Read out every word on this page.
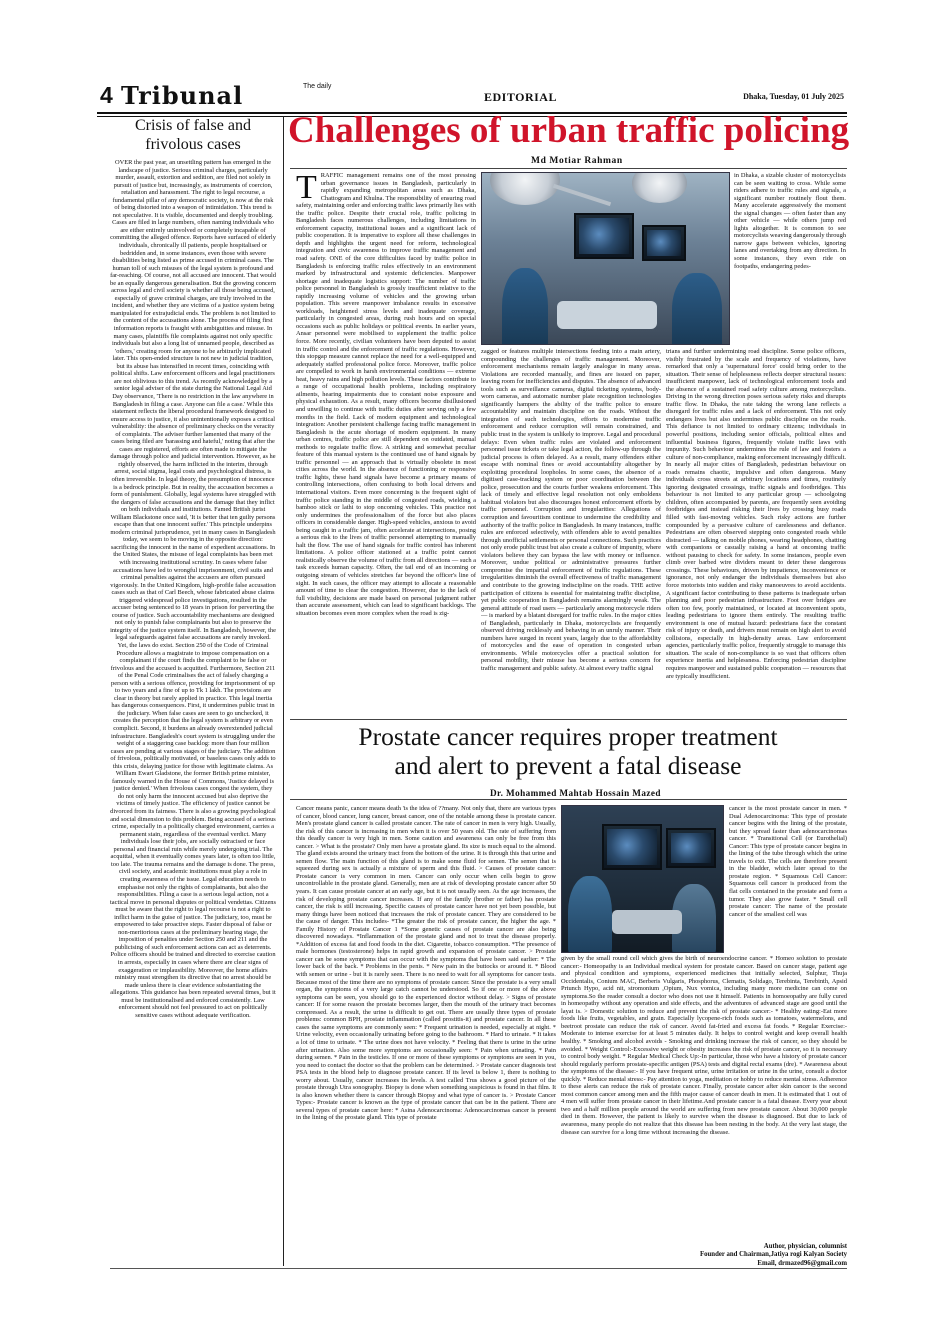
4 Tribunal	The daily
EDITORIAL	Dhaka, Tuesday, 01 July 2025
Crisis of false and frivolous cases
OVER the past year, an unsettling pattern has emerged in the landscape of justice. Serious criminal charges, particularly murder, assault, extortion and sedition, are filed not solely in pursuit of justice but, increasingly, as instruments of coercion, retaliation and harassment. The right to legal recourse, a fundamental pillar of any democratic society, is now at the risk of being distorted into a weapon of intimidation. This trend is not speculative. It is visible, documented and deeply troubling. Cases are filed in large numbers, often naming individuals who are either entirely uninvolved or completely incapable of committing the alleged offence. Reports have surfaced of elderly individuals, chronically ill patients, people hospitalised or bedridden and, in some instances, even those with severe disabilities being listed as prime accused in criminal cases. The human toll of such misuses of the legal system is profound and far-reaching. Of course, not all accused are innocent. That would be an equally dangerous generalisation. But the growing concern across legal and civil society is whether all those being accused, especially of grave criminal charges, are truly involved in the incident, and whether they are victims of a justice system being manipulated for extrajudicial ends. The problem is not limited to the content of the accusations alone. The process of filing first information reports is fraught with ambiguities and misuse. In many cases, plaintiffs file complaints against not only specific individuals but also a long list of unnamed people, described as 'others,' creating room for anyone to be arbitrarily implicated later. This open-ended structure is not new in judicial tradition, but its abuse has intensified in recent times, coinciding with political shifts. Law enforcement officers and legal practitioners are not oblivious to this trend. As recently acknowledged by a senior legal adviser of the state during the National Legal Aid Day observance, 'There is no restriction in the law anywhere in Bangladesh in filing a case. Anyone can file a case.' While this statement reflects the liberal procedural framework designed to ensure access to justice, it also unintentionally exposes a critical vulnerability: the absence of preliminary checks on the veracity of complaints. The adviser further lamented that many of the cases being filed are 'harassing and hateful,' noting that after the cases are registered, efforts are often made to mitigate the damage through police and judicial intervention. However, as he rightly observed, the harm inflicted in the interim, through arrest, social stigma, legal costs and psychological distress, is often irreversible. In legal theory, the presumption of innocence is a bedrock principle. But in reality, the accusation becomes a form of punishment. Globally, legal systems have struggled with the dangers of false accusations and the damage that they inflict on both individuals and institutions. Famed British jurist William Blackstone once said, 'It is better that ten guilty persons escape than that one innocent suffer.' This principle underpins modern criminal jurisprudence, yet in many cases in Bangladesh today, we seem to be moving in the opposite direction: sacrificing the innocent in the name of expedient accusations. In the United States, the misuse of legal complaints has been met with increasing institutional scrutiny. In cases where false accusations have led to wrongful imprisonment, civil suits and criminal penalties against the accusers are often pursued vigorously. In the United Kingdom, high-profile false accusation cases such as that of Carl Beech, whose fabricated abuse claims triggered widespread police investigations, resulted in the accuser being sentenced to 18 years in prison for perverting the course of justice. Such accountability mechanisms are designed not only to punish false complainants but also to preserve the integrity of the justice system itself. In Bangladesh, however, the legal safeguards against false accusations are rarely invoked. Yet, the laws do exist. Section 250 of the Code of Criminal Procedure allows a magistrate to impose compensation on a complainant if the court finds the complaint to be false or frivolous and the accused is acquitted. Furthermore, Section 211 of the Penal Code criminalises the act of falsely charging a person with a serious offence, providing for imprisonment of up to two years and a fine of up to Tk 1 lakh. The provisions are clear in theory but rarely applied in practice. This legal inertia has dangerous consequences. First, it undermines public trust in the judiciary. When false cases are seen to go unchecked, it creates the perception that the legal system is arbitrary or even complicit. Second, it burdens an already overextended judicial infrastructure. Bangladesh's court system is struggling under the weight of a staggering case backlog: more than four million cases are pending at various stages of the judiciary. The addition of frivolous, politically motivated, or baseless cases only adds to this crisis, delaying justice for those with legitimate claims. As William Ewart Gladstone, the former British prime minister, famously warned in the House of Commons, 'Justice delayed is justice denied.' When frivolous cases congest the system, they do not only harm the innocent accused but also deprive the victims of timely justice. The efficiency of justice cannot be divorced from its fairness. There is also a growing psychological and social dimension to this problem. Being accused of a serious crime, especially in a politically charged environment, carries a permanent stain, regardless of the eventual verdict. Many individuals lose their jobs, are socially ostracised or face personal and financial ruin while merely undergoing trial. The acquittal, when it eventually comes years later, is often too little, too late. The trauma remains and the damage is done. The press, civil society, and academic institutions must play a role in creating awareness of the issue. Legal education needs to emphasise not only the rights of complainants, but also the responsibilities. Filing a case is a serious legal action, not a tactical move in personal disputes or political vendettas. Citizens must be aware that the right to legal recourse is not a right to inflict harm in the guise of justice. The judiciary, too, must be empowered to take proactive steps. Faster disposal of false or non-meritorious cases at the preliminary hearing stage, the imposition of penalties under Section 250 and 211 and the publicising of such enforcement actions can act as deterrents. Police officers should be trained and directed to exercise caution in arrests, especially in cases where there are clear signs of exaggeration or implausibility. Moreover, the home affairs ministry must strengthen its directive that no arrest should be made unless there is clear evidence substantiating the allegations. This guidance has been repeated several times, but it must be institutionalised and enforced consistently. Law enforcement should not feel pressured to act on politically sensitive cases without adequate verification.
Challenges of urban traffic policing
Md Motiar Rahman
T RAFFIC management remains one of the most pressing urban governance issues in Bangladesh, particularly in rapidly expanding metropolitan areas such as Dhaka, Chattogram and Khulna. The responsibility of ensuring road safety, maintaining order and enforcing traffic laws primarily lies with the traffic police. Despite their crucial role, traffic policing in Bangladesh faces numerous challenges, including limitations in enforcement capacity, institutional issues and a significant lack of public cooperation. It is imperative to explore all these challenges in depth and highlights the urgent need for reform, technological integration and civic awareness to improve traffic management and road safety. ONE of the core difficulties faced by traffic police in Bangladesh is enforcing traffic rules effectively in an environment marked by infrastructural and systemic deficiencies. Manpower shortage and inadequate logistics support: The number of traffic police personnel in Bangladesh is grossly insufficient relative to the rapidly increasing volume of vehicles and the growing urban population. This severe manpower imbalance results in excessive workloads, heightened stress levels and inadequate coverage, particularly in congested areas, during rush hours and on special occasions such as public holidays or political events. In earlier years, Ansar personnel were mobilised to supplement the traffic police force. More recently, civilian volunteers have been deputed to assist in traffic control and the enforcement of traffic regulations. However, this stopgap measure cannot replace the need for a well-equipped and adequately staffed professional police force. Moreover, traffic police are compelled to work in harsh environmental conditions — extreme heat, heavy rains and high pollution levels. These factors contribute to a range of occupational health problems, including respiratory ailments, hearing impairments due to constant noise exposure and physical exhaustion. As a result, many officers become disillusioned and unwilling to continue with traffic duties after serving only a few months in the field. Lack of modern equipment and technological integration: Another persistent challenge facing traffic management in Bangladesh is the acute shortage of modern equipment. In many urban centres, traffic police are still dependent on outdated, manual methods to regulate traffic flow. A striking and somewhat peculiar feature of this manual system is the continued use of hand signals by traffic personnel — an approach that is virtually obsolete in most cities across the world. In the absence of functioning or responsive traffic lights, these hand signals have become a primary means of controlling intersections, often confusing to both local drivers and international visitors. Even more concerning is the frequent sight of traffic police standing in the middle of congested roads, wielding a bamboo stick or lathi to stop oncoming vehicles. This practice not only undermines the professionalism of the force but also places officers in considerable danger. High-speed vehicles, anxious to avoid being caught in a traffic jam, often accelerate at intersections, posing a serious risk to the lives of traffic personnel attempting to manually halt the flow. The use of hand signals for traffic control has inherent limitations. A police officer stationed at a traffic point cannot realistically observe the volume of traffic from all directions — such a task exceeds human capacity. Often, the tail end of an incoming or outgoing stream of vehicles stretches far beyond the officer's line of sight. In such cases, the officer may attempt to allocate a reasonable amount of time to clear the congestion. However, due to the lack of full visibility, decisions are made based on personal judgment rather than accurate assessment, which can lead to significant backlogs. The situation becomes even more complex when the road is zig-
zagged or features multiple intersections feeding into a main artery, compounding the challenges of traffic management. Moreover, enforcement mechanisms remain largely analogue in many areas. Violations are recorded manually, and fines are issued on paper, leaving room for inefficiencies and disputes. The absence of advanced tools such as surveillance cameras, digital ticketing systems, body-worn cameras, and automatic number plate recognition technologies significantly hampers the ability of the traffic police to ensure accountability and maintain discipline on the roads. Without the integration of such technologies, efforts to modernise traffic enforcement and reduce corruption will remain constrained, and public trust in the system is unlikely to improve. Legal and procedural delays: Even when traffic rules are violated and enforcement personnel issue tickets or take legal action, the follow-up through the judicial process is often delayed. As a result, many offenders either escape with nominal fines or avoid accountability altogether by exploiting procedural loopholes. In some cases, the absence of a digitised case-tracking system or poor coordination between the police, prosecution and the courts further weakens enforcement. This lack of timely and effective legal resolution not only emboldens habitual violators but also discourages honest enforcement efforts by traffic personnel. Corruption and irregularities: Allegations of corruption and favouritism continue to undermine the credibility and authority of the traffic police in Bangladesh. In many instances, traffic rules are enforced selectively, with offenders able to avoid penalties through unofficial settlements or personal connections. Such practices not only erode public trust but also create a culture of impunity, where violators believe they can bypass the law with money or influence. Moreover, undue political or administrative pressures further compromise the impartial enforcement of traffic regulations. These irregularities diminish the overall effectiveness of traffic management and contribute to the growing indiscipline on the roads. THE active participation of citizens is essential for maintaining traffic discipline, yet public cooperation in Bangladesh remains alarmingly weak. The general attitude of road users — particularly among motorcycle riders — is marked by a blatant disregard for traffic rules. In the major cities of Bangladesh, particularly in Dhaka, motorcyclists are frequently observed driving recklessly and behaving in an unruly manner. Their numbers have surged in recent years, largely due to the affordability of motorcycles and the ease of operation in congested urban environments. While motorcycles offer a practical solution for personal mobility, their misuse has become a serious concern for traffic management and public safety. At almost every traffic signal
in Dhaka, a sizable cluster of motorcyclists can be seen waiting to cross. While some riders adhere to traffic rules and signals, a significant number routinely flout them. Many accelerate aggressively the moment the signal changes — often faster than any other vehicle — while others jump red lights altogether. It is common to see motorcyclists weaving dangerously through narrow gaps between vehicles, ignoring lanes and overtaking from any direction. In some instances, they even ride on footpaths, endangering pedes-
trians and further undermining road discipline. Some police officers, visibly frustrated by the scale and frequency of violations, have remarked that only a 'supernatural force' could bring order to the situation. Their sense of helplessness reflects deeper structural issues: insufficient manpower, lack of technological enforcement tools and the absence of a sustained road safety culture among motorcyclists. Driving in the wrong direction poses serious safety risks and disrupts traffic flow. In Dhaka, the rate taking the wrong lane reflects a disregard for traffic rules and a lack of enforcement. This not only endangers lives but also undermines public discipline on the roads. This defiance is not limited to ordinary citizens; individuals in powerful positions, including senior officials, political elites and influential business figures, frequently violate traffic laws with impunity. Such behaviour undermines the rule of law and fosters a culture of non-compliance, making enforcement increasingly difficult. In nearly all major cities of Bangladesh, pedestrian behaviour on roads remains chaotic, impulsive and often dangerous. Many individuals cross streets at arbitrary locations and times, routinely ignoring designated crossings, traffic signals and footbridges. This behaviour is not limited to any particular group — schoolgoing children, often accompanied by parents, are frequently seen avoiding footbridges and instead risking their lives by crossing busy roads filled with fast-moving vehicles. Such risky actions are further compounded by a pervasive culture of carelessness and defiance. Pedestrians are often observed stepping onto congested roads while distracted — talking on mobile phones, wearing headphones, chatting with companions or casually raising a hand at oncoming traffic without pausing to check for safety. In some instances, people even climb over barbed wire dividers meant to deter these dangerous crossings. These behaviours, driven by impatience, inconvenience or ignorance, not only endanger the individuals themselves but also force motorists into sudden and risky manoeuvres to avoid accidents. A significant factor contributing to these patterns is inadequate urban planning and poor pedestrian infrastructure. Foot over bridges are often too few, poorly maintained, or located at inconvenient spots, leading pedestrians to ignore them entirely. The resulting traffic environment is one of mutual hazard: pedestrians face the constant risk of injury or death, and drivers must remain on high alert to avoid collisions, especially in high-density areas. Law enforcement agencies, particularly traffic police, frequently struggle to manage this situation. The scale of non-compliance is so vast that officers often experience inertia and helplessness. Enforcing pedestrian discipline requires manpower and sustained public cooperation — resources that are typically insufficient.
Prostate cancer requires proper treatment
and alert to prevent a fatal disease
Dr. Mohammed Mahtab Hossain Mazed
Cancer means panic, cancer means death 'is the idea of ??many. Not only that, there are various types of cancer, blood cancer, lung cancer, breast cancer, one of the notable among these is prostate cancer. Men's prostate gland cancer is called prostate cancer. The rate of cancer in men is very high. Usually, the risk of this cancer is increasing in men when it is over 50 years old. The rate of suffering from this deadly cancer is very high in men. Some caution and awareness can only be free from this cancer. > What is the prostate? Only men have a prostate gland. Its size is much equal to the almond. The gland exists around the urinary tract from the bottom of the urine. It is through this that urine and semen flow. The main function of this gland is to make some fluid for semen. The semen that is squeezed during sex is actually a mixture of sperm and this fluid. > Causes of prostate cancer: Prostate cancer is very common in men. Cancer can only occur when cells begin to grow uncontrollable in the prostate gland. Generally, men are at risk of developing prostate cancer after 50 years. It can cause prostate cancer at an early age, but it is not usually seen. As the age increases, the risk of developing prostate cancer increases. If any of the family (brother or father) has prostate cancer, the risk is still increasing. Specific causes of prostate cancer have not yet been possible, but many things have been noticed that increases the risk of prostate cancer. They are considered to be the cause of danger. This includes- *The greater the risk of prostate cancer, the higher the age. * Family History of Prostate Cancer 1 *Some genetic causes of prostate cancer are also being discovered nowadays. *Inflammation of the prostate gland and not to treat the disease properly. *Addition of excess fat and food foods in the diet. Cigarette, tobacco consumption. *The presence of male hormones (testosterone) helps in rapid growth and expansion of prostate cancer. > Prostate cancer can be some symptoms that can occur with the symptoms that have been said earlier: * The lower back of the back. * Problems in the penis. * New pain in the buttocks or around it. * Blood with semen or urine - but it is rarely seen. There is no need to wait for all symptoms for cancer tests. Because most of the time there are no symptoms of prostate cancer. Since the prostate is a very small organ, the symptoms of a very large catch cannot be understood. So if one or more of the above symptoms can be seen, you should go to the experienced doctor without delay. > Signs of prostate cancer: If for some reason the prostate becomes larger, then the mouth of the urinary tract becomes compressed. As a result, the urine is difficult to get out. There are usually three types of prostate problems: common BPH, prostate inflammation (called prostitis-it) and prostate cancer. In all these cases the same symptoms are commonly seen: * Frequent urination is needed, especially at night. * Urine velocity, even occasionally urinating before going to the bathroom. * Hard to urinate. * It takes a lot of time to urinate. * The urine does not have velocity. * Feeling that there is urine in the urine after urination. Also some more symptoms are occasionally seen: * Pain when urinating. * Pain during semen. * Pain in the testicles. If one or more of these symptoms or symptoms are seen in you, you need to contact the doctor so that the problem can be determined. > Prostate cancer diagnosis test PSA tests in the blood help to diagnose prostate cancer. If its level is below 1, there is nothing to worry about. Usually, cancer increases its levels. A test called Trus shows a good picture of the prostate through Utra sonography. Biopsy is done when something suspicious is found in that film. It is also known whether there is cancer through Biopsy and what type of cancer is. > Prostate Cancer Types:- Prostate cancer is known as the type of prostate cancer that can be in the patient. There are several types of prostate cancer here: * Asina Adenocarcinoma: Adenocarcinomas cancer is present in the lining of the prostate gland. This type of prostate
cancer is the most prostate cancer in men. * Dual Adenocarcinoma: This type of prostate cancer begins with the lining of the prostate, but they spread faster than adenocarcinomas cancer. * Transitional Cell (or Eurothelial) Cancer: This type of prostate cancer begins in the lining of the tube through which the urine travels to exit. The cells are therefore present in the bladder, which later spread to the prostate region. * Squamous Cell Cancer: Squamous cell cancer is produced from the flat cells contained in the prostate and form a tumor. They also grow faster. * Small cell prostate cancer: The name of the prostate cancer of the smallest cell was
given by the small round cell which gives the birth of neuroendocrine cancer. * Homeo solution to prostate cancer:- Homeopathy is an Individual medical system for prostate cancer. Based on cancer stage, patient age and physical condition and symptoms, experienced medicines that initially selected, Sulphur, Thuja Occidentalis, Conium MAC, Berberis Vulgaris, Phosphorus, Clematis, Solidago, Terebinta, Terebinth, Apsid Prtunch Hypo, acid nit, stromonium ,Opium, Nux vomica, including many more medicine can come on symptoms.So the reader consult a doctor who does not use it himself. Patients in homoeopathy are fully cured in homeopathy without any operation and side effects, and the adventures of advanced stage are good until the layat is. > Domestic solution to reduce and prevent the risk of prostate cancer:- * Healthy eating:-Eat more foods like fruits, vegetables, and grain. Especially lycopene-rich foods such as tomatoes, watermelons, and beetroot prostate can reduce the risk of cancer. Avoid fat-fried and excess fat foods. * Regular Exercise:- Moderate to intense exercise for at least 5 minutes daily. It helps to control weight and keep overall health healthy. * Smoking and alcohol avoids - Smoking and drinking increase the risk of cancer, so they should be avoided. * Weight Control:-Excessive weight or obesity increases the risk of prostate cancer, so it is necessary to control body weight. * Regular Medical Check Up:-In particular, those who have a history of prostate cancer should regularly perform prostate-specific antigen (PSA) tests and digital rectal exams (dre). * Awareness about the symptoms of the disease:- If you have frequent urine, urine irritation or urine in the urine, consult a doctor quickly. * Reduce mental stress:- Pay attention to yoga, meditation or hobby to reduce mental stress. Adherence to these alerts can reduce the risk of prostate cancer. Finally, prostate cancer after skin cancer is the second most common cancer among men and the fifth major cause of cancer death in men. It is estimated that 1 out of 4 men will suffer from prostate cancer in their lifetime.And prostate cancer is a fatal disease. Every year about two and a half million people around the world are suffering from new prostate cancer. About 30,000 people died in them. However, the patient is likely to survive when the disease is diagnosed. But due to lack of awareness, many people do not realize that this disease has been nesting in the body. At the very last stage, the disease can survive for a long time without increasing the disease.
Author, physician, columnist
Founder and Chairman,Jatiya rogi Kalyan Society
Email, drmazed96@gmail.com
